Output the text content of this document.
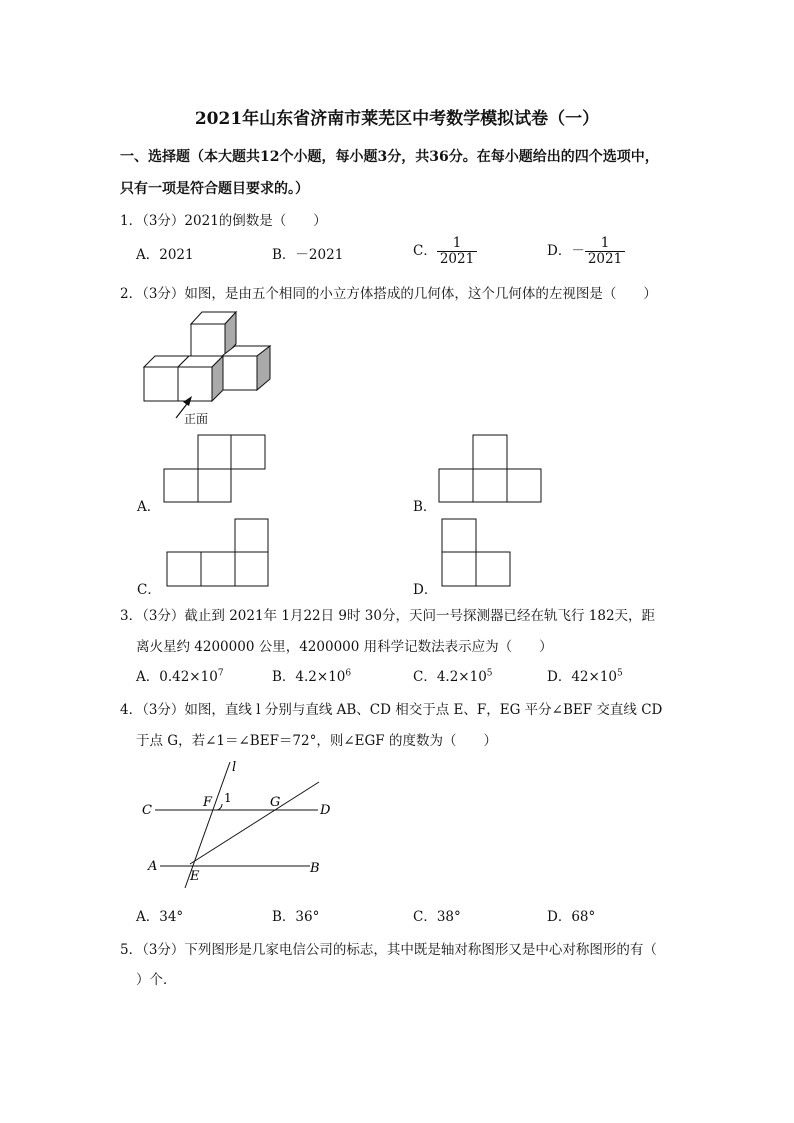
2021年山东省济南市莱芜区中考数学模拟试卷（一）
一、选择题（本大题共12个小题，每小题3分，共36分。在每小题给出的四个选项中，
只有一项是符合题目要求的。）
1．（3分）2021的倒数是（　　）
A．2021	B．－2021	C． $\frac{1}{2021}$	D．－ $\frac{1}{2021}$
2．（3分）如图，是由五个相同的小立方体搭成的几何体，这个几何体的左视图是（　　）
正面
A．	B．
C．	D．
3．（3分）截止到 2021年 1月22日 9时 30分，天问一号探测器已经在轨飞行 182天，距
离火星约 4200000 公里，4200000 用科学记数法表示应为（　　）
A．$0.42\times 10^7$	B．$4.2\times 10^6$	C．$4.2\times 10^5$	D．$42\times 10^5$
4．（3分）如图，直线 l 分别与直线 AB、CD 相交于点 E、F，EG 平分∠BEF 交直线 CD
于点 G，若∠1＝∠BEF＝72°，则∠EGF 的度数为（　　）
l
C
F 1	G
D
A
E
B
A．34°	B．36°	C．38°	D．68°
5．（3分）下列图形是几家电信公司的标志，其中既是轴对称图形又是中心对称图形的有（
）个．
